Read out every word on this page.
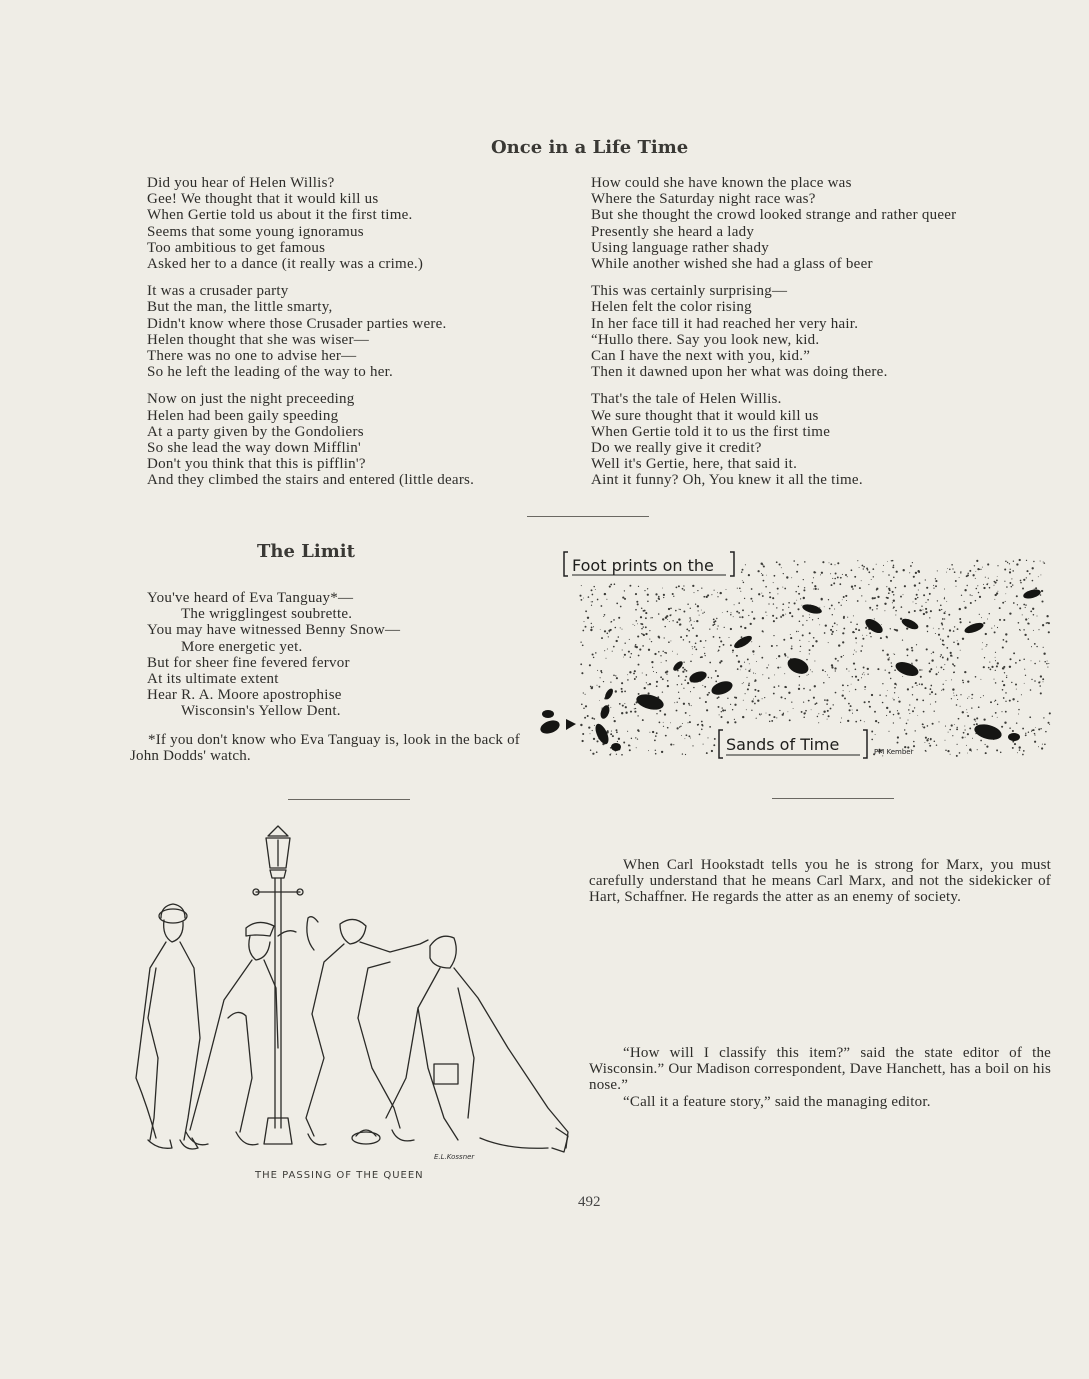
Once in a Life Time
Did you hear of Helen Willis?
Gee! We thought that it would kill us
When Gertie told us about it the first time.
Seems that some young ignoramus
Too ambitious to get famous
Asked her to a dance (it really was a crime.)
It was a crusader party
But the man, the little smarty,
Didn't know where those Crusader parties were.
Helen thought that she was wiser—
There was no one to advise her—
So he left the leading of the way to her.
Now on just the night preceeding
Helen had been gaily speeding
At a party given by the Gondoliers
So she lead the way down Mifflin'
Don't you think that this is pifflin'?
And they climbed the stairs and entered (little dears.
How could she have known the place was
Where the Saturday night race was?
But she thought the crowd looked strange and rather queer
Presently she heard a lady
Using language rather shady
While another wished she had a glass of beer
This was certainly surprising—
Helen felt the color rising
In her face till it had reached her very hair.
“Hullo there. Say you look new, kid.
Can I have the next with you, kid.”
Then it dawned upon her what was doing there.
That's the tale of Helen Willis.
We sure thought that it would kill us
When Gertie told it to us the first time
Do we really give it credit?
Well it's Gertie, here, that said it.
Aint it funny? Oh, You knew it all the time.
The Limit
You've heard of Eva Tanguay*—
The wrigglingest soubrette.
You may have witnessed Benny Snow—
More energetic yet.
But for sheer fine fevered fervor
At its ultimate extent
Hear R. A. Moore apostrophise
Wisconsin's Yellow Dent.
*If you don't know who Eva Tanguay is, look in the back of John Dodds' watch.
Foot prints on the
Sands of Time	PM Kember
E.L.Kossner
THE PASSING OF THE QUEEN
When Carl Hookstadt tells you he is strong for Marx, you must carefully understand that he means Carl Marx, and not the sidekicker of Hart, Schaffner. He regards the atter as an enemy of society.
“How will I classify this item?” said the state editor of the Wisconsin.” Our Madison correspondent, Dave Hanchett, has a boil on his nose.”
“Call it a feature story,” said the managing editor.
492
